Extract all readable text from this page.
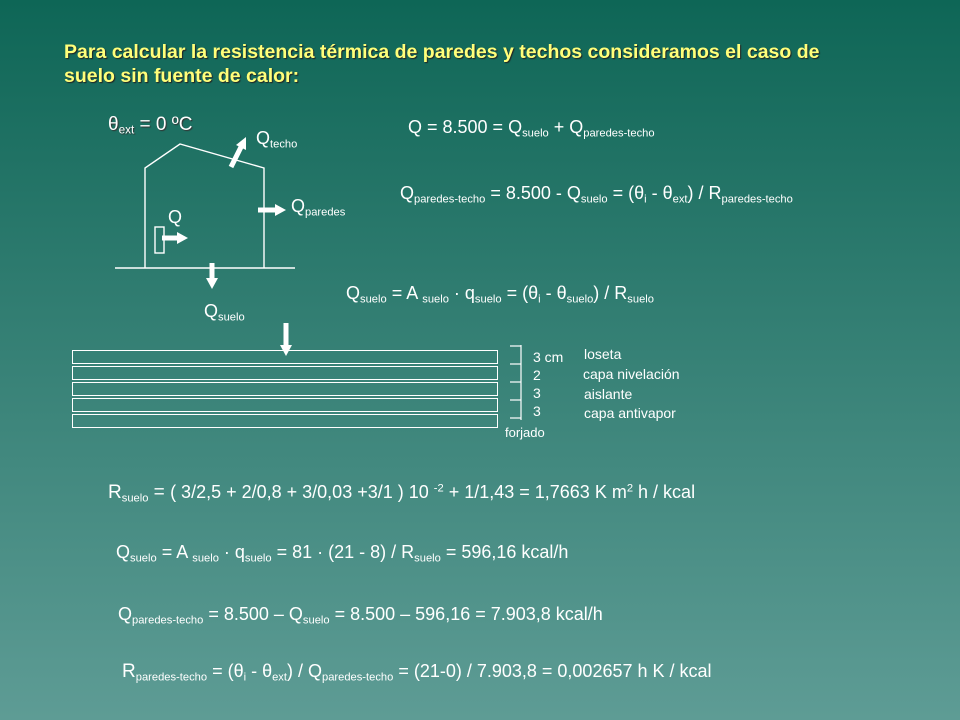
Para calcular la resistencia térmica de paredes y techos consideramos el caso de
suelo sin fuente de calor:
$\theta_{ext} = 0$ ºC
$Q_{techo}$
$Q_{paredes}$
Q
$Q_{suelo}$
$Q = 8.500 = Q_{suelo} + Q_{paredes-techo}$
$Q_{paredes-techo} = 8.500 - Q_{suelo} = (\theta_i - \theta_{ext}) / R_{paredes-techo}$
$Q_{suelo} = A$ $_{suelo} \cdot q_{suelo} = (\theta_i - \theta_{suelo}) / R_{suelo}$
3 cm
2
3
3
forjado
loseta
capa nivelación
aislante
capa antivapor
$R_{suelo}$ = ( 3/2,5 + 2/0,8 + 3/0,03 +3/1 ) 10 $^{-2}$ + 1/1,43 = 1,7663 K $m^2$ h / kcal
$Q_{suelo} = A$ $_{suelo} \cdot q_{suelo} = 81 \cdot (21 - 8) / R_{suelo} = 596,16$ kcal/h
$Q_{paredes-techo} = 8.500 - Q_{suelo} = 8.500 - 596,16 = 7.903,8$ kcal/h
$R_{paredes-techo} = (\theta_i - \theta_{ext}) / Q_{paredes-techo} = (21-0) / 7.903,8 = 0,002657$ h K / kcal
